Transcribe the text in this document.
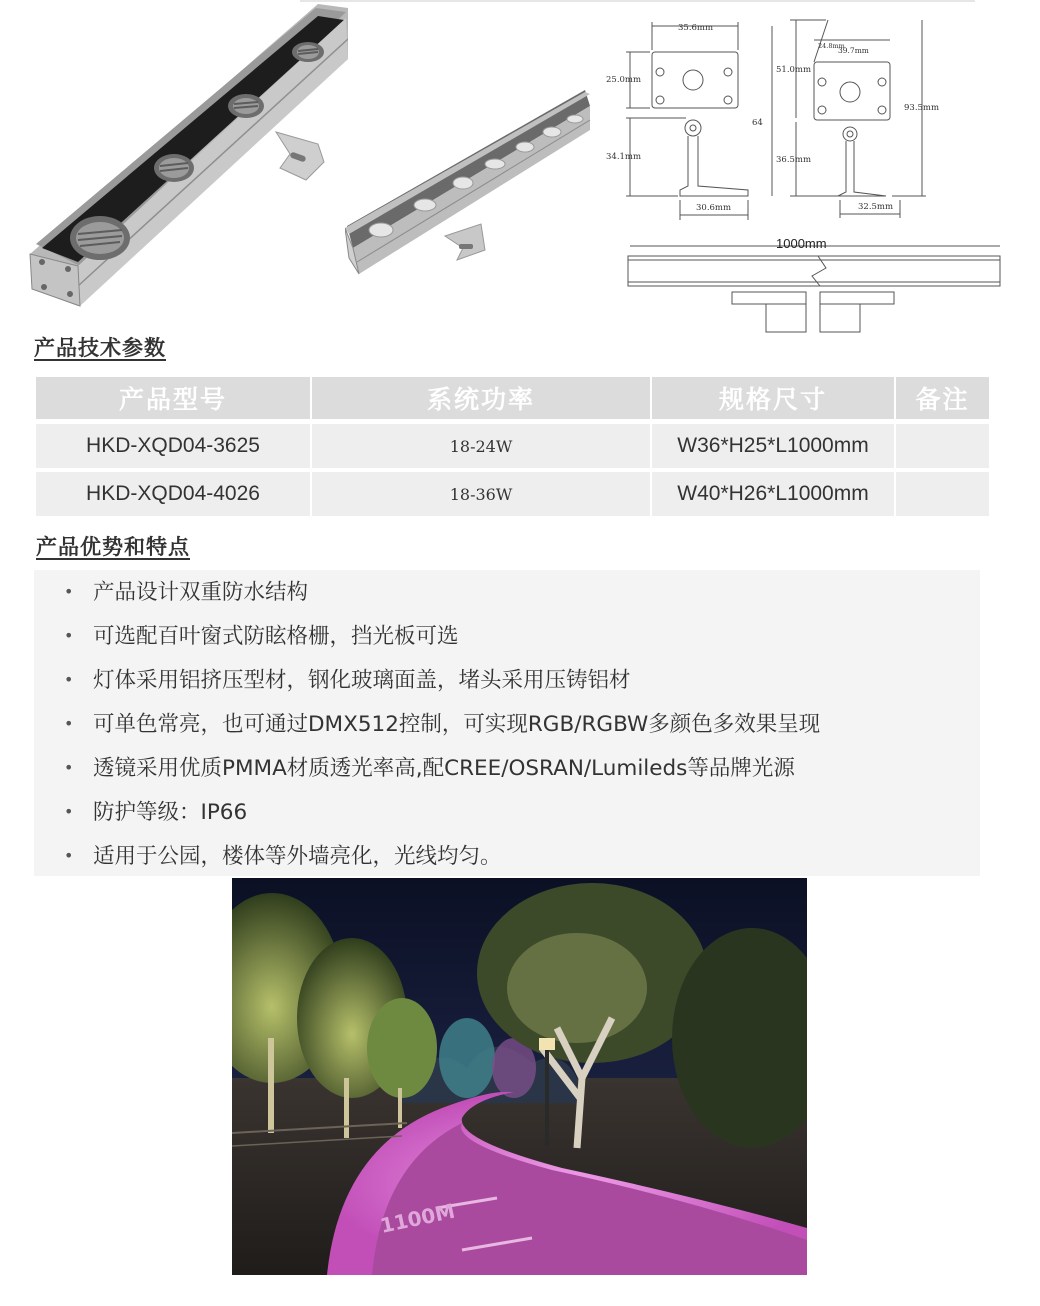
35.6mm
25.0mm
64
34.1mm
30.6mm
24.8mm
39.7mm
51.0mm
93.5mm
36.5mm
32.5mm
1000mm
产品技术参数
产品型号	系统功率	规格尺寸	备注
HKD-XQD04-3625	18-24W	W36*H25*L1000mm	
HKD-XQD04-4026	18-36W	W40*H26*L1000mm	
产品优势和特点
• 产品设计双重防水结构
• 可选配百叶窗式防眩格栅，挡光板可选
• 灯体采用铝挤压型材，钢化玻璃面盖，堵头采用压铸铝材
• 可单色常亮，也可通过DMX512控制，可实现RGB/RGBW多颜色多效果呈现
• 透镜采用优质PMMA材质透光率高,配CREE/OSRAN/Lumileds等品牌光源
• 防护等级：IP66
• 适用于公园，楼体等外墙亮化，光线均匀。
1100M
